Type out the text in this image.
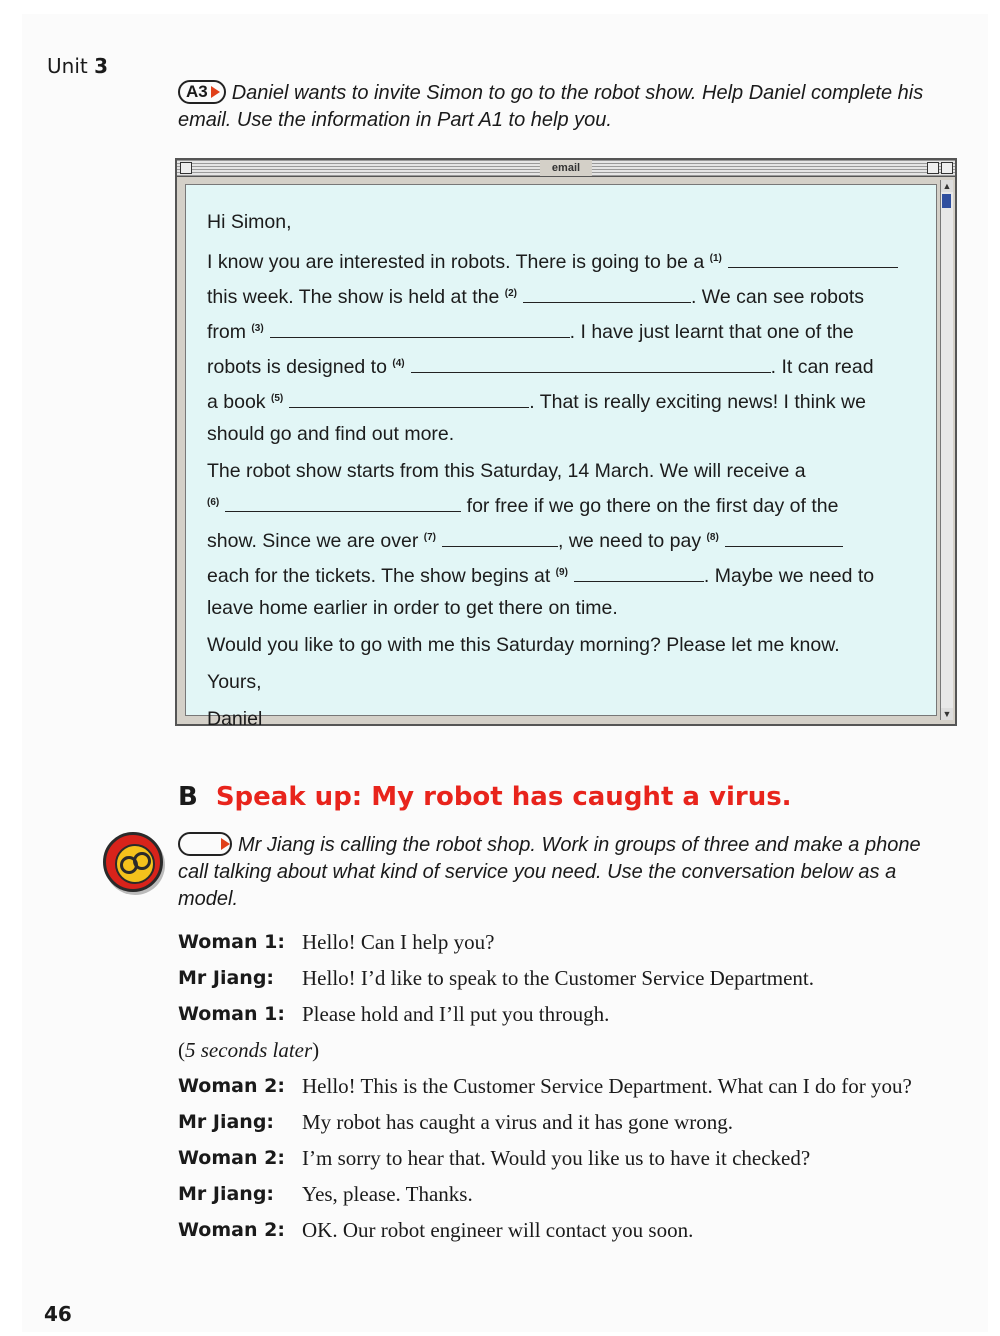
Unit 3
A3 Daniel wants to invite Simon to go to the robot show. Help Daniel complete his email. Use the information in Part A1 to help you.
email
▲
▼

Hi Simon,

I know you are interested in robots. There is going to be a $^{(1)}$

this week. The show is held at the $^{(2)}$	. We can see robots

from $^{(3)}$	. I have just learnt that one of the

robots is designed to $^{(4)}$	. It can read

a book $^{(5)}$	. That is really exciting news! I think we

should go and find out more.

The robot show starts from this Saturday, 14 March. We will receive a

$^{(6)}$	for free if we go there on the first day of the

show. Since we are over $^{(7)}$	, we need to pay $^{(8)}$

each for the tickets. The show begins at $^{(9)}$	. Maybe we need to

leave home earlier in order to get there on time.

Would you like to go with me this Saturday morning? Please let me know.

Yours,

Daniel

B Speak up: My robot has caught a virus.
Mr Jiang is calling the robot shop. Work in groups of three and make a phone call talking about what kind of service you need. Use the conversation below as a model.
Woman 1: Hello! Can I help you?
Mr Jiang:	Hello! I’d like to speak to the Customer Service Department.
Woman 1: Please hold and I’ll put you through.
(5 seconds later)
Woman 2: Hello! This is the Customer Service Department. What can I do for you?
Mr Jiang:	My robot has caught a virus and it has gone wrong.
Woman 2: I’m sorry to hear that. Would you like us to have it checked?
Mr Jiang:	Yes, please. Thanks.
Woman 2: OK. Our robot engineer will contact you soon.
46
